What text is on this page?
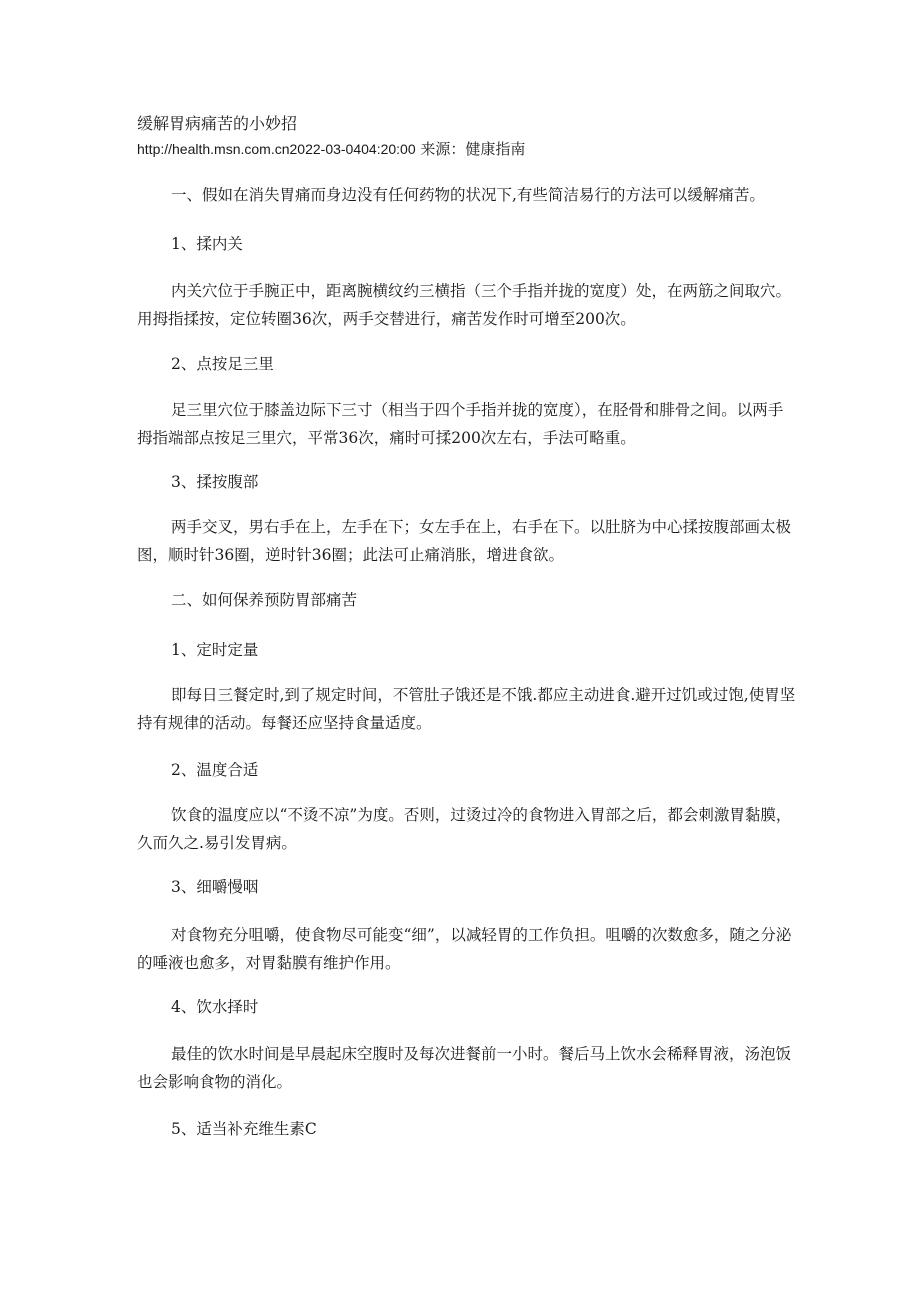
缓解胃病痛苦的小妙招
http://health.msn.com.cn2022-03-0404:20:00 来源：健康指南
一、假如在消失胃痛而身边没有任何药物的状况下,有些简洁易行的方法可以缓解痛苦。
1、揉内关
内关穴位于手腕正中，距离腕横纹约三横指（三个手指并拢的宽度）处，在两筋之间取穴。用拇指揉按，定位转圈36次，两手交替进行，痛苦发作时可增至200次。
2、点按足三里
足三里穴位于膝盖边际下三寸（相当于四个手指并拢的宽度），在胫骨和腓骨之间。以两手拇指端部点按足三里穴，平常36次，痛时可揉200次左右，手法可略重。
3、揉按腹部
两手交叉，男右手在上，左手在下；女左手在上，右手在下。以肚脐为中心揉按腹部画太极图，顺时针36圈，逆时针36圈；此法可止痛消胀，增进食欲。
二、如何保养预防胃部痛苦
1、定时定量
即每日三餐定时,到了规定时间，不管肚子饿还是不饿.都应主动进食.避开过饥或过饱,使胃坚持有规律的活动。每餐还应坚持食量适度。
2、温度合适
饮食的温度应以“不烫不凉”为度。否则，过烫过冷的食物进入胃部之后，都会刺激胃黏膜，久而久之.易引发胃病。
3、细嚼慢咽
对食物充分咀嚼，使食物尽可能变“细”，以减轻胃的工作负担。咀嚼的次数愈多，随之分泌的唾液也愈多，对胃黏膜有维护作用。
4、饮水择时
最佳的饮水时间是早晨起床空腹时及每次进餐前一小时。餐后马上饮水会稀释胃液，汤泡饭也会影响食物的消化。
5、适当补充维生素C
